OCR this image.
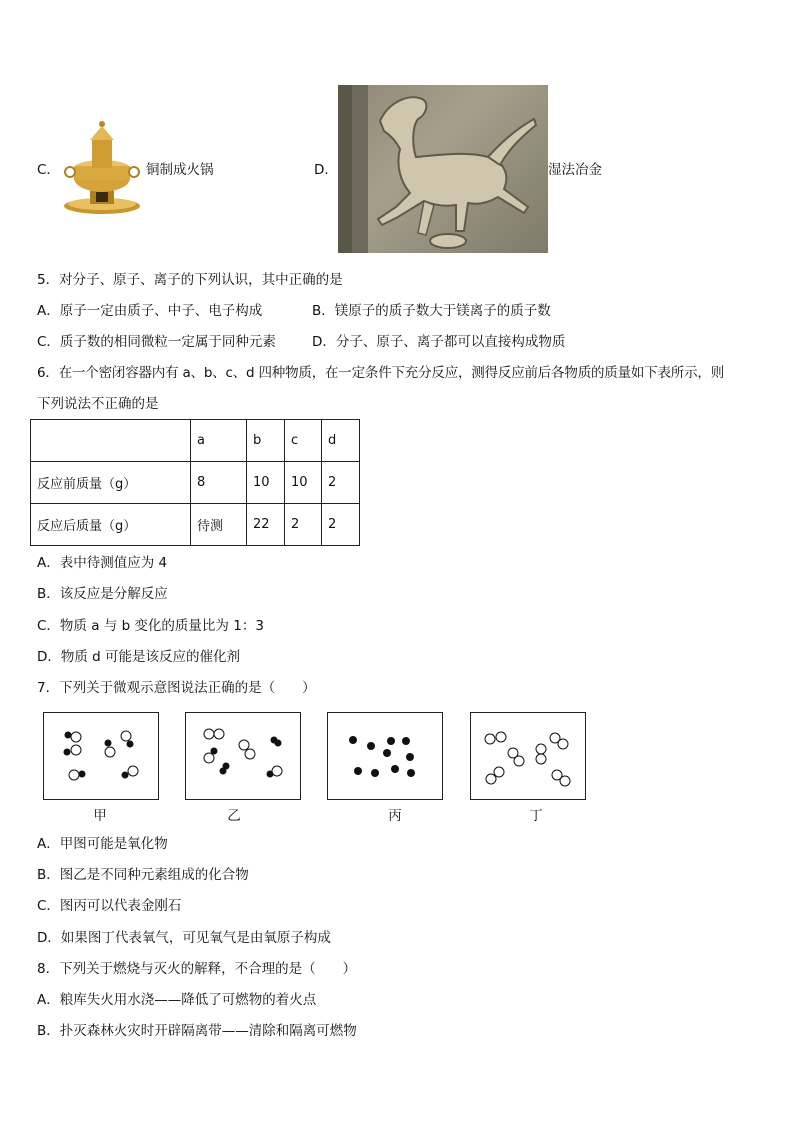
C．	铜制成火锅	D．	湿法冶金
5．对分子、原子、离子的下列认识，其中正确的是
A．原子一定由质子、中子、电子构成	B．镁原子的质子数大于镁离子的质子数
C．质子数的相同微粒一定属于同种元素	D．分子、原子、离子都可以直接构成物质
6．在一个密闭容器内有 a、b、c、d 四种物质，在一定条件下充分反应，测得反应前后各物质的质量如下表所示，则
下列说法不正确的是
	a	b	c	d
反应前质量（g）	8	10	10	2
反应后质量（g）	待测	22	2	2
A．表中待测值应为 4
B．该反应是分解反应
C．物质 a 与 b 变化的质量比为 1：3
D．物质 d 可能是该反应的催化剂
7．下列关于微观示意图说法正确的是（　　）
甲	乙	丙	丁
A．甲图可能是氧化物
B．图乙是不同种元素组成的化合物
C．图丙可以代表金刚石
D．如果图丁代表氧气，可见氧气是由氧原子构成
8．下列关于燃烧与灭火的解释，不合理的是（　　）
A．粮库失火用水浇——降低了可燃物的着火点
B．扑灭森林火灾时开辟隔离带——清除和隔离可燃物
